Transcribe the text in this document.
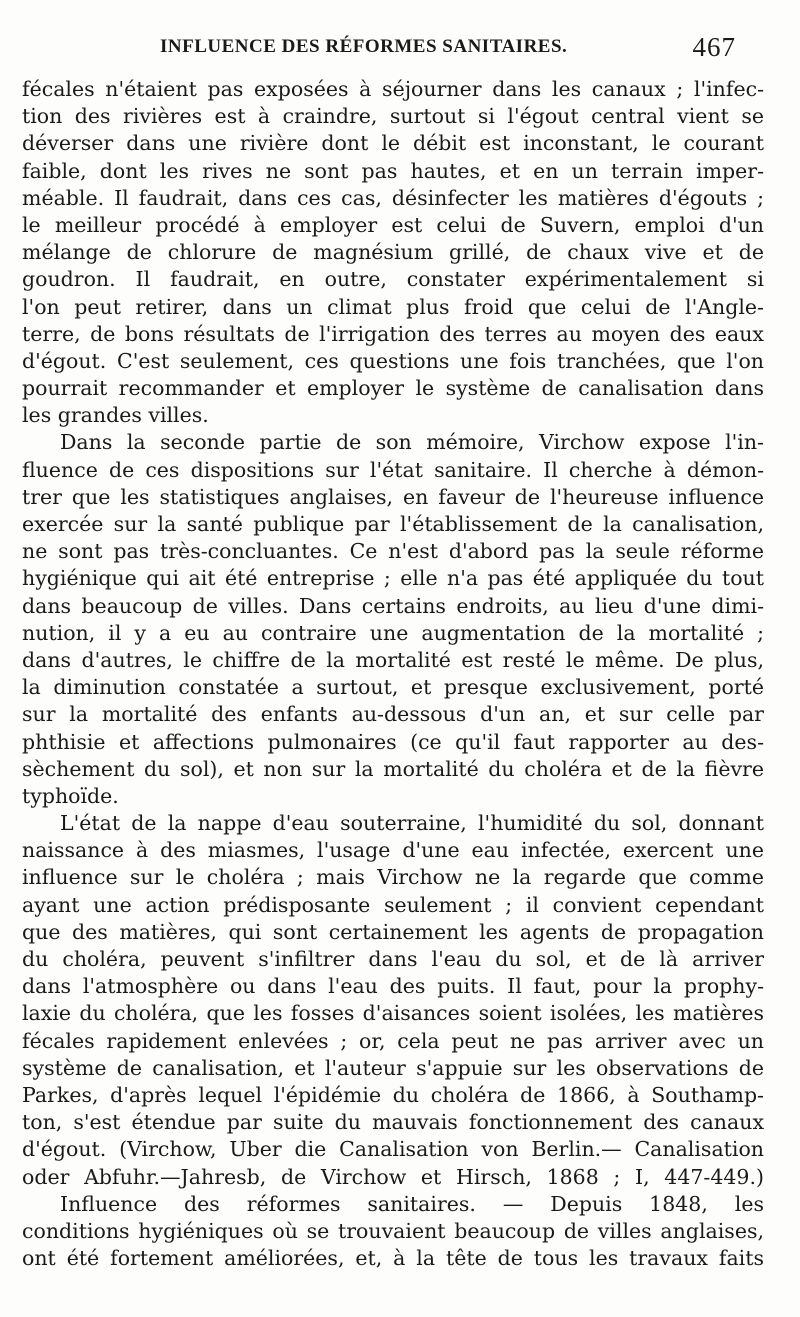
INFLUENCE DES RÉFORMES SANITAIRES.	467
fécales n'étaient pas exposées à séjourner dans les canaux ; l'infec-
tion des rivières est à craindre, surtout si l'égout central vient se
déverser dans une rivière dont le débit est inconstant, le courant
faible, dont les rives ne sont pas hautes, et en un terrain imper-
méable. Il faudrait, dans ces cas, désinfecter les matières d'égouts ;
le meilleur procédé à employer est celui de Suvern, emploi d'un
mélange de chlorure de magnésium grillé, de chaux vive et de
goudron. Il faudrait, en outre, constater expérimentalement si
l'on peut retirer, dans un climat plus froid que celui de l'Angle-
terre, de bons résultats de l'irrigation des terres au moyen des eaux
d'égout. C'est seulement, ces questions une fois tranchées, que l'on
pourrait recommander et employer le système de canalisation dans
les grandes villes.
Dans la seconde partie de son mémoire, Virchow expose l'in-
fluence de ces dispositions sur l'état sanitaire. Il cherche à démon-
trer que les statistiques anglaises, en faveur de l'heureuse influence
exercée sur la santé publique par l'établissement de la canalisation,
ne sont pas très-concluantes. Ce n'est d'abord pas la seule réforme
hygiénique qui ait été entreprise ; elle n'a pas été appliquée du tout
dans beaucoup de villes. Dans certains endroits, au lieu d'une dimi-
nution, il y a eu au contraire une augmentation de la mortalité ;
dans d'autres, le chiffre de la mortalité est resté le même. De plus,
la diminution constatée a surtout, et presque exclusivement, porté
sur la mortalité des enfants au-dessous d'un an, et sur celle par
phthisie et affections pulmonaires (ce qu'il faut rapporter au des-
sèchement du sol), et non sur la mortalité du choléra et de la fièvre
typhoïde.
L'état de la nappe d'eau souterraine, l'humidité du sol, donnant
naissance à des miasmes, l'usage d'une eau infectée, exercent une
influence sur le choléra ; mais Virchow ne la regarde que comme
ayant une action prédisposante seulement ; il convient cependant
que des matières, qui sont certainement les agents de propagation
du choléra, peuvent s'infiltrer dans l'eau du sol, et de là arriver
dans l'atmosphère ou dans l'eau des puits. Il faut, pour la prophy-
laxie du choléra, que les fosses d'aisances soient isolées, les matières
fécales rapidement enlevées ; or, cela peut ne pas arriver avec un
système de canalisation, et l'auteur s'appuie sur les observations de
Parkes, d'après lequel l'épidémie du choléra de 1866, à Southamp-
ton, s'est étendue par suite du mauvais fonctionnement des canaux
d'égout. (Virchow, Uber die Canalisation von Berlin.— Canalisation
oder Abfuhr.—Jahresb, de Virchow et Hirsch, 1868 ; I, 447-449.)
Influence des réformes sanitaires. — Depuis 1848, les
conditions hygiéniques où se trouvaient beaucoup de villes anglaises,
ont été fortement améliorées, et, à la tête de tous les travaux faits
